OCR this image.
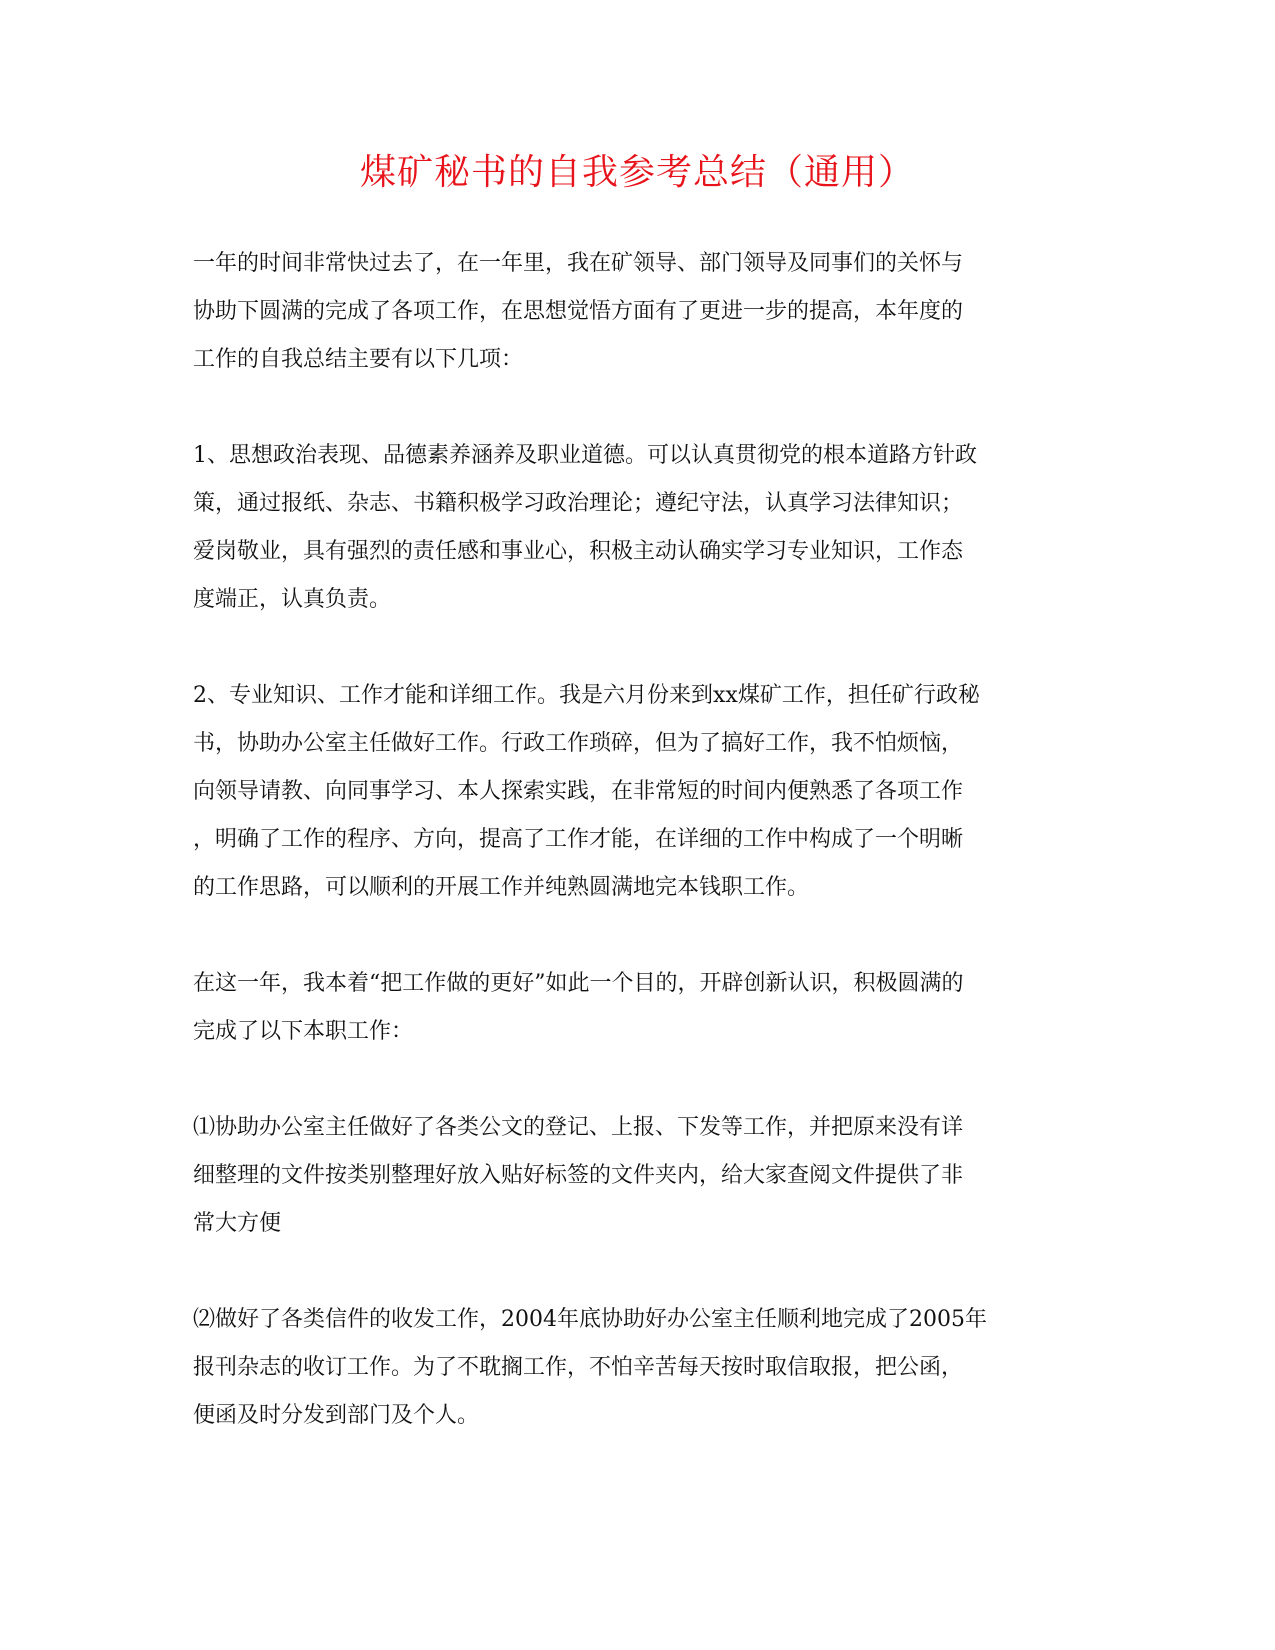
煤矿秘书的自我参考总结（通用）

一年的时间非常快过去了，在一年里，我在矿领导、部门领导及同事们的关怀与
协助下圆满的完成了各项工作，在思想觉悟方面有了更进一步的提高，本年度的
工作的自我总结主要有以下几项：

1、思想政治表现、品德素养涵养及职业道德。可以认真贯彻党的根本道路方针政
策，通过报纸、杂志、书籍积极学习政治理论；遵纪守法，认真学习法律知识；
爱岗敬业，具有强烈的责任感和事业心，积极主动认确实学习专业知识，工作态
度端正，认真负责。

2、专业知识、工作才能和详细工作。我是六月份来到xx煤矿工作，担任矿行政秘
书，协助办公室主任做好工作。行政工作琐碎，但为了搞好工作，我不怕烦恼，
向领导请教、向同事学习、本人探索实践，在非常短的时间内便熟悉了各项工作
，明确了工作的程序、方向，提高了工作才能，在详细的工作中构成了一个明晰
的工作思路，可以顺利的开展工作并纯熟圆满地完本钱职工作。

在这一年，我本着“把工作做的更好”如此一个目的，开辟创新认识，积极圆满的
完成了以下本职工作：

⑴协助办公室主任做好了各类公文的登记、上报、下发等工作，并把原来没有详
细整理的文件按类别整理好放入贴好标签的文件夹内，给大家查阅文件提供了非
常大方便

⑵做好了各类信件的收发工作，2004年底协助好办公室主任顺利地完成了2005年
报刊杂志的收订工作。为了不耽搁工作，不怕辛苦每天按时取信取报，把公函，
便函及时分发到部门及个人。
